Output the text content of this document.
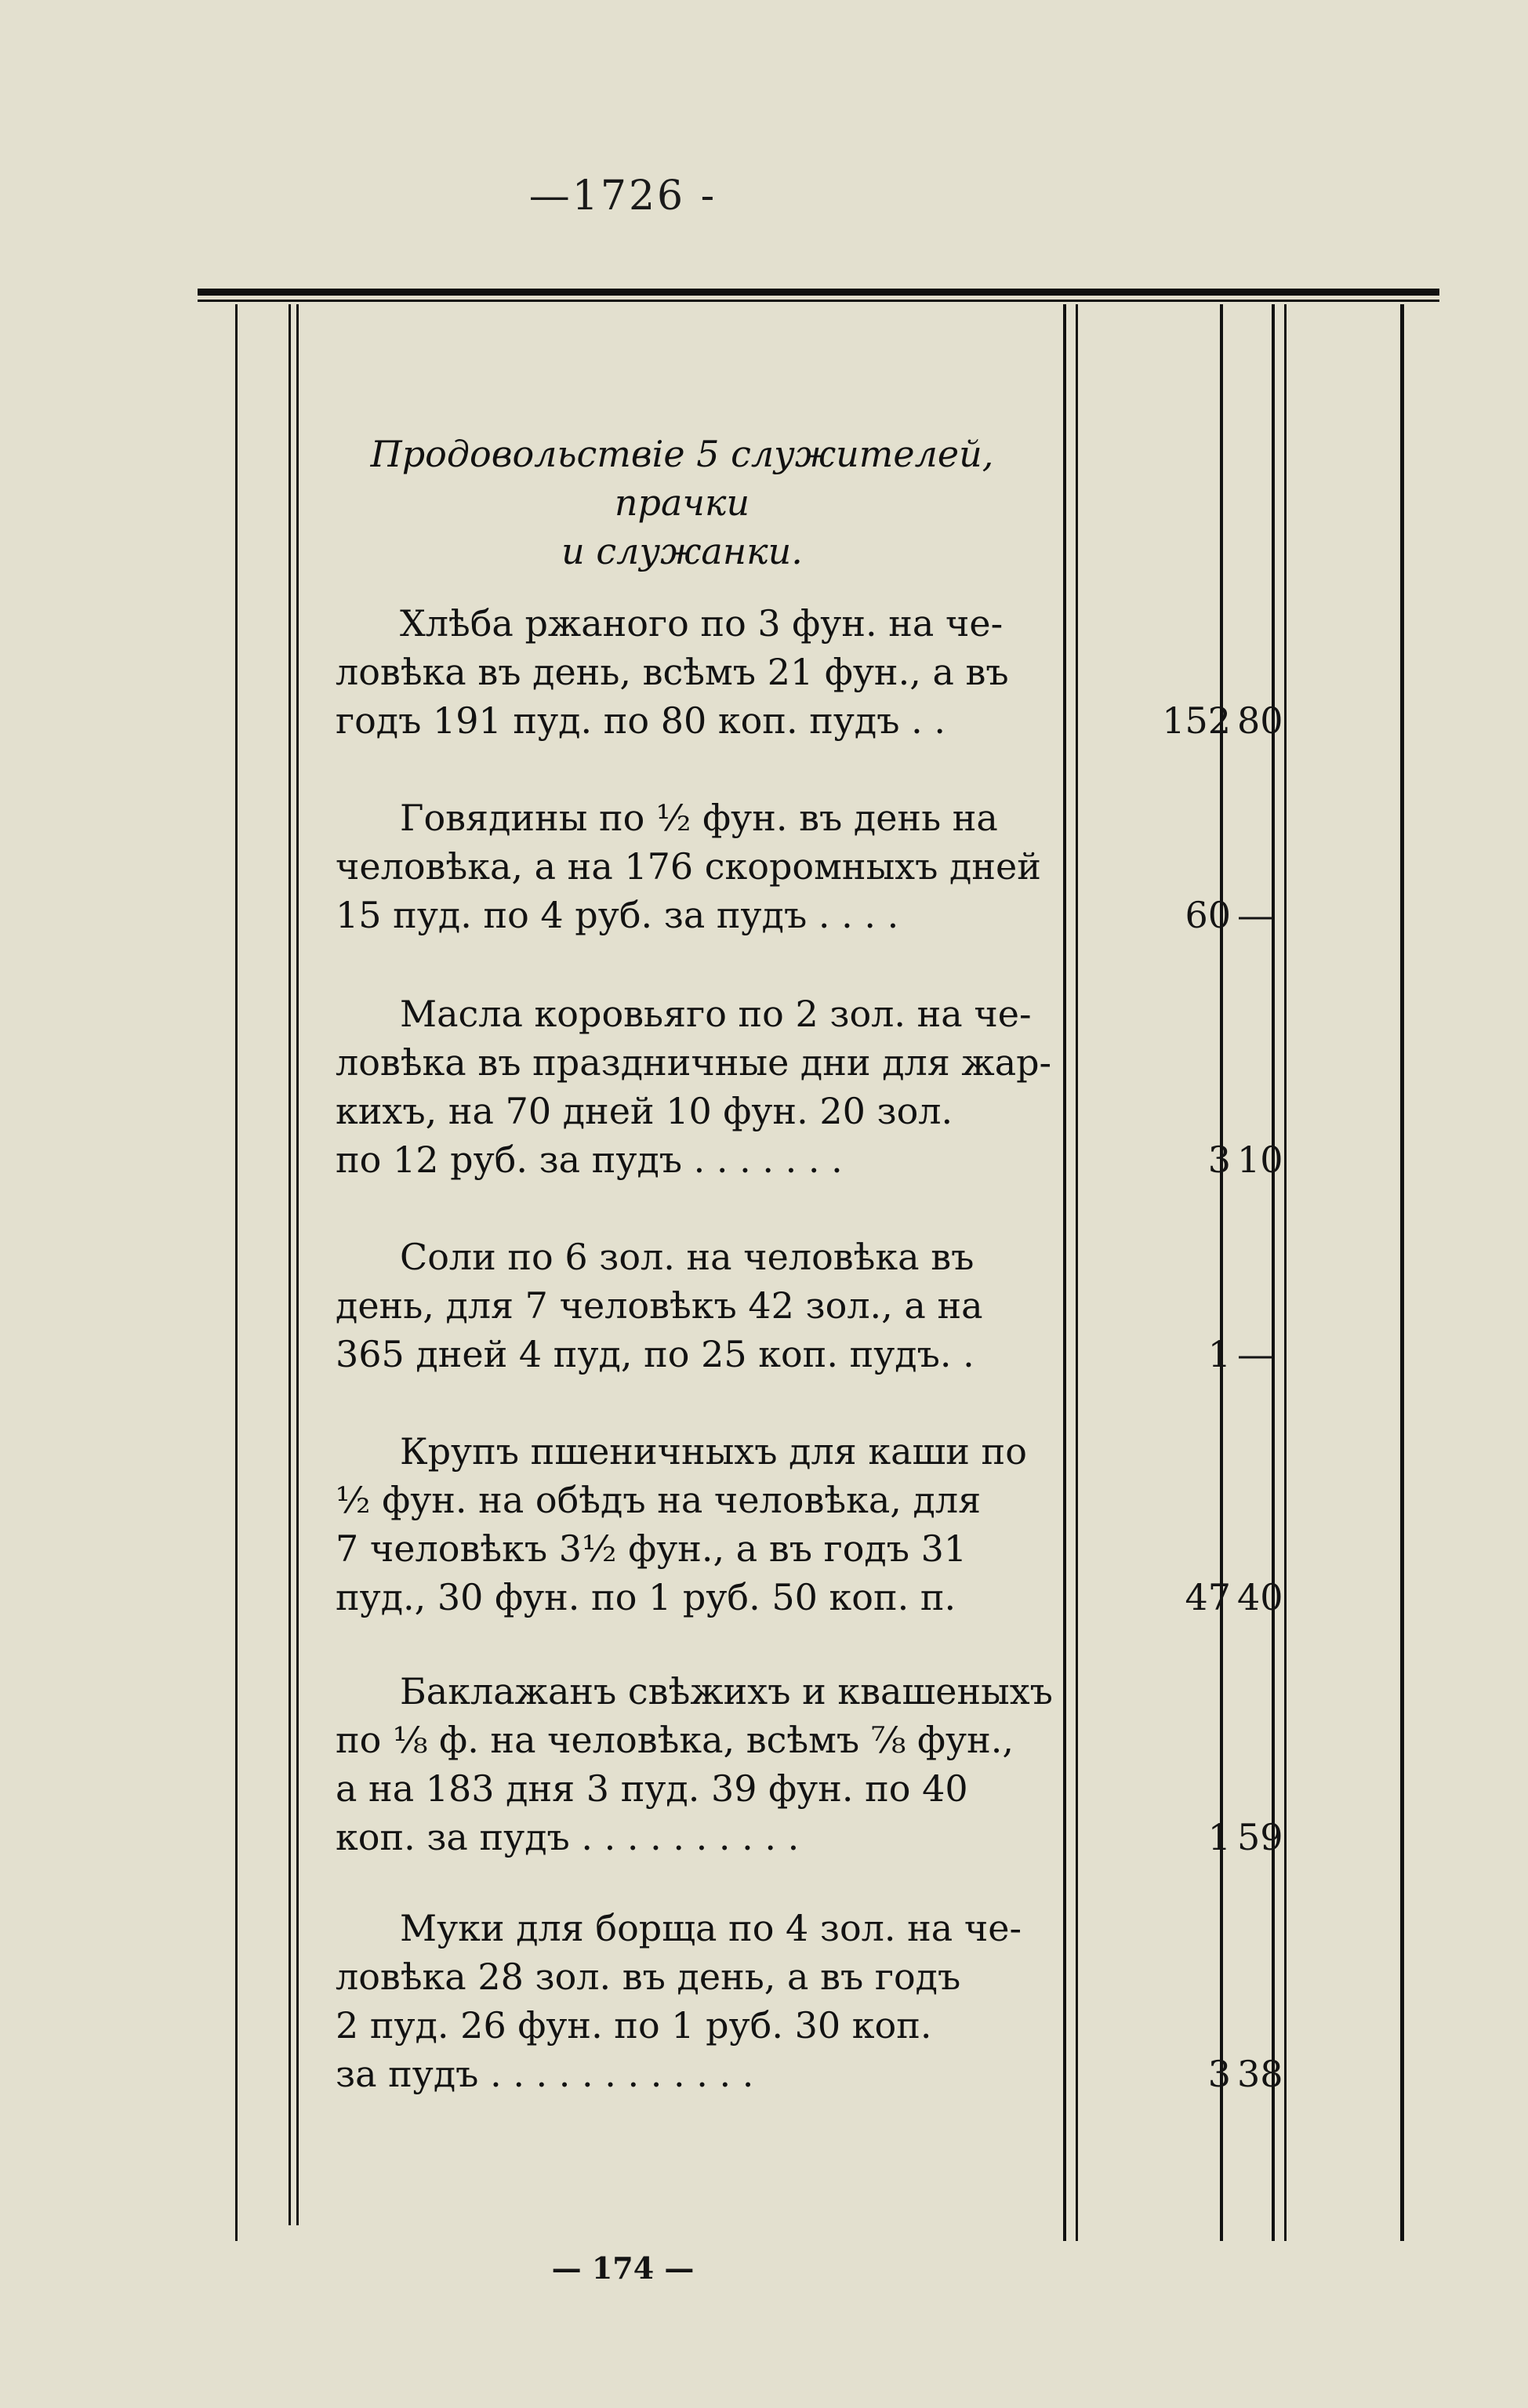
—1726 -
Продовольствіе 5 служителей, прачки
и служанки.
Хлѣба ржаного по 3 фун. на че-
ловѣка въ день, всѣмъ 21 фун., а въ
годъ 191 пуд. по 80 коп. пудъ . .	152 80
Говядины по ½ фун. въ день на
человѣка, а на 176 скоромныхъ дней
15 пуд. по 4 руб. за пудъ . . . .	60 —
Масла коровьяго по 2 зол. на че-
ловѣка въ праздничные дни для жар-
кихъ, на 70 дней 10 фун. 20 зол.
по 12 руб. за пудъ . . . . . . .	3 10
Соли по 6 зол. на человѣка въ
день, для 7 человѣкъ 42 зол., а на
365 дней 4 пуд, по 25 коп. пудъ. .	1 —
Крупъ пшеничныхъ для каши по
½ фун. на обѣдъ на человѣка, для
7 человѣкъ 3½ фун., а въ годъ 31
пуд., 30 фун. по 1 руб. 50 коп. п.	47 40
Баклажанъ свѣжихъ и квашеныхъ
по ⅛ ф. на человѣка, всѣмъ ⅞ фун.,
а на 183 дня 3 пуд. 39 фун. по 40
коп. за пудъ . . . . . . . . . .	1 59
Муки для борща по 4 зол. на че-
ловѣка 28 зол. въ день, а въ годъ
2 пуд. 26 фун. по 1 руб. 30 коп.
за пудъ . . . . . . . . . . . .	3 38
— 174 —
